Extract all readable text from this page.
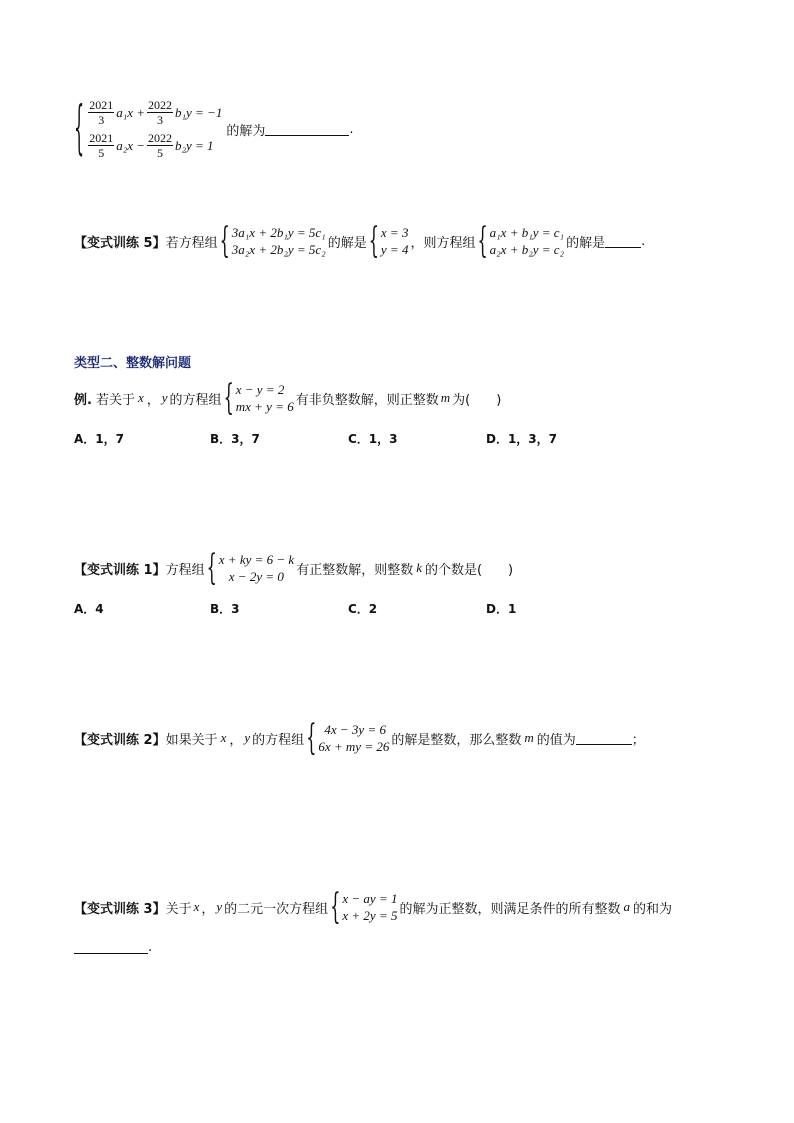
{ $\frac{2021}{3} a_1x + \frac{2022}{3} b_1y = -1$
$\frac{2021}{5} a_2x - \frac{2022}{5} b_2y = 1$
的解为	.
【变式训练 5】 若方程组 { 3a₁x + 2b₁y = 5c₁
3a₂x + 2b₂y = 5c₂ 的解是 { x = 3
y = 4 ，则方程组 { a₁x + b₁y = c₁
a₂x + b₂y = c₂ 的解是	.
类型二、整数解问题
例. 若关于 x ， y 的方程组 { x − y = 2
mx + y = 6 有非负整数解，则正整数 m 为(　　)
A．1，7	B．3，7	C．1，3	D．1，3，7
【变式训练 1】 方程组 { x + ky = 6 − k
x − 2y = 0 有正整数解，则整数 k 的个数是(　　)
A．4	B．3	C．2	D．1
【变式训练 2】 如果关于 x ， y 的方程组 { 4x − 3y = 6
6x + my = 26 的解是整数，那么整数 m 的值为	；
【变式训练 3】 关于 x ， y 的二元一次方程组 { x − ay = 1
x + 2y = 5 的解为正整数，则满足条件的所有整数 a 的和为
.
